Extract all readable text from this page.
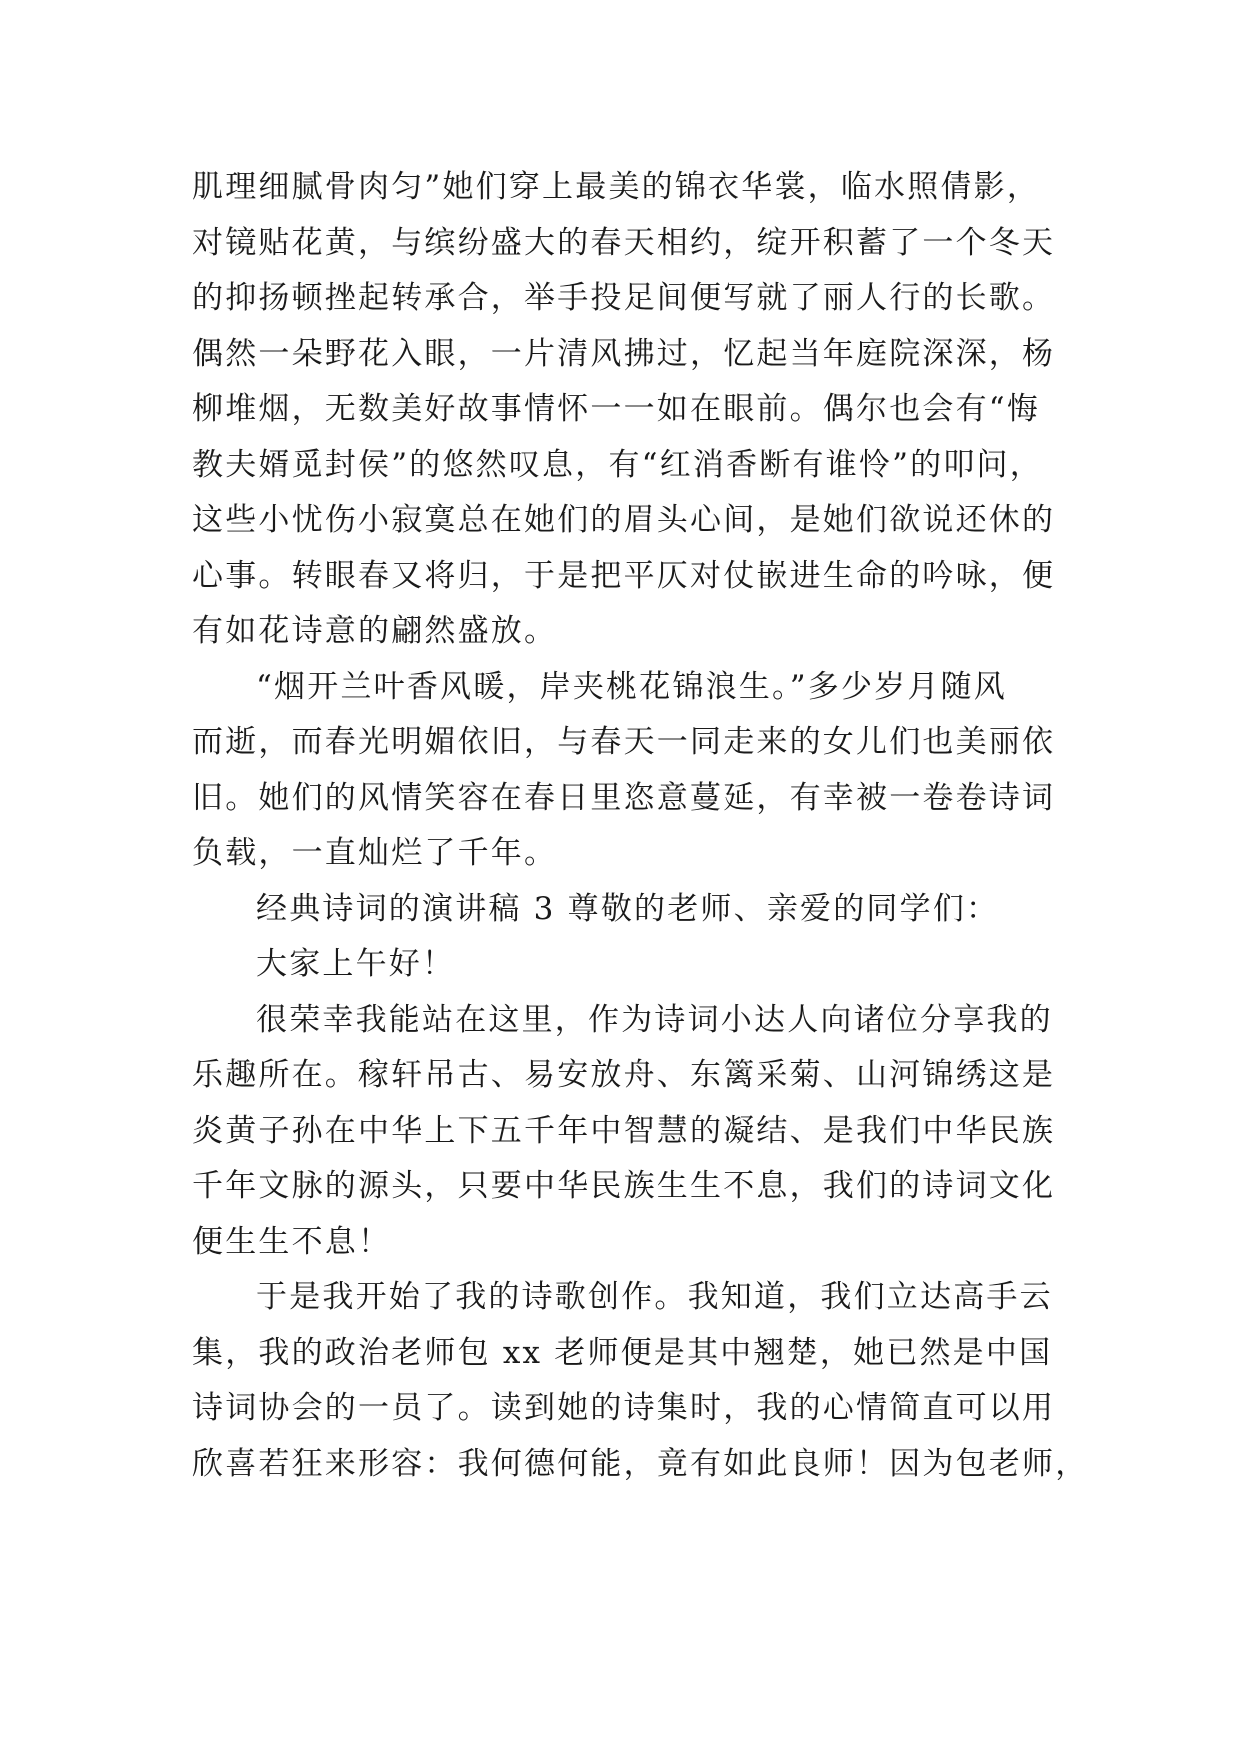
肌理细腻骨肉匀”她们穿上最美的锦衣华裳，临水照倩影，
对镜贴花黄，与缤纷盛大的春天相约，绽开积蓄了一个冬天
的抑扬顿挫起转承合，举手投足间便写就了丽人行的长歌。
偶然一朵野花入眼，一片清风拂过，忆起当年庭院深深，杨
柳堆烟，无数美好故事情怀一一如在眼前。偶尔也会有“悔
教夫婿觅封侯”的悠然叹息，有“红消香断有谁怜”的叩问，
这些小忧伤小寂寞总在她们的眉头心间，是她们欲说还休的
心事。转眼春又将归，于是把平仄对仗嵌进生命的吟咏，便
有如花诗意的翩然盛放。
“烟开兰叶香风暖，岸夹桃花锦浪生。”多少岁月随风
而逝，而春光明媚依旧，与春天一同走来的女儿们也美丽依
旧。她们的风情笑容在春日里恣意蔓延，有幸被一卷卷诗词
负载，一直灿烂了千年。
经典诗词的演讲稿 3 尊敬的老师、亲爱的同学们：
大家上午好！
很荣幸我能站在这里，作为诗词小达人向诸位分享我的
乐趣所在。稼轩吊古、易安放舟、东篱采菊、山河锦绣这是
炎黄子孙在中华上下五千年中智慧的凝结、是我们中华民族
千年文脉的源头，只要中华民族生生不息，我们的诗词文化
便生生不息！
于是我开始了我的诗歌创作。我知道，我们立达高手云
集，我的政治老师包 xx 老师便是其中翘楚，她已然是中国
诗词协会的一员了。读到她的诗集时，我的心情简直可以用
欣喜若狂来形容：我何德何能，竟有如此良师！因为包老师，
